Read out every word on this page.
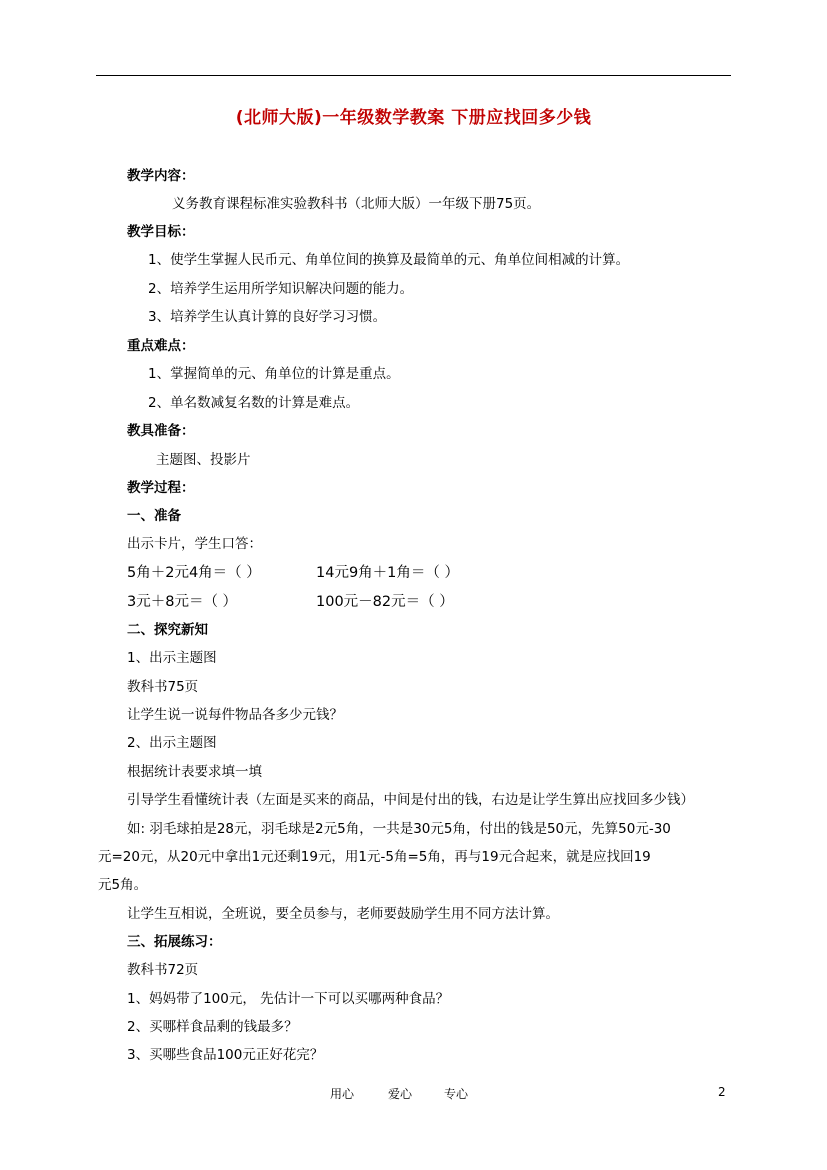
(北师大版)一年级数学教案 下册应找回多少钱
教学内容：
义务教育课程标准实验教科书（北师大版）一年级下册75页。
教学目标：
1、使学生掌握人民币元、角单位间的换算及最简单的元、角单位间相减的计算。
2、培养学生运用所学知识解决问题的能力。
3、培养学生认真计算的良好学习习惯。
重点难点：
1、掌握简单的元、角单位的计算是重点。
2、单名数减复名数的计算是难点。
教具准备：
主题图、投影片
教学过程：
一、准备
出示卡片，学生口答：
5角＋2元4角＝（ ）	14元9角＋1角＝（ ）
3元＋8元＝（ ）	100元－82元＝（ ）
二、探究新知
1、出示主题图
教科书75页
让学生说一说每件物品各多少元钱？
2、出示主题图
根据统计表要求填一填
引导学生看懂统计表（左面是买来的商品，中间是付出的钱，右边是让学生算出应找回多少钱）
如: 羽毛球拍是28元，羽毛球是2元5角，一共是30元5角，付出的钱是50元，先算50元-30
元=20元，从20元中拿出1元还剩19元，用1元-5角=5角，再与19元合起来，就是应找回19
元5角。
让学生互相说，全班说，要全员参与，老师要鼓励学生用不同方法计算。
三、拓展练习：
教科书72页
1、妈妈带了100元， 先估计一下可以买哪两种食品？
2、买哪样食品剩的钱最多？
3、买哪些食品100元正好花完？
用心	爱心	专心	2
